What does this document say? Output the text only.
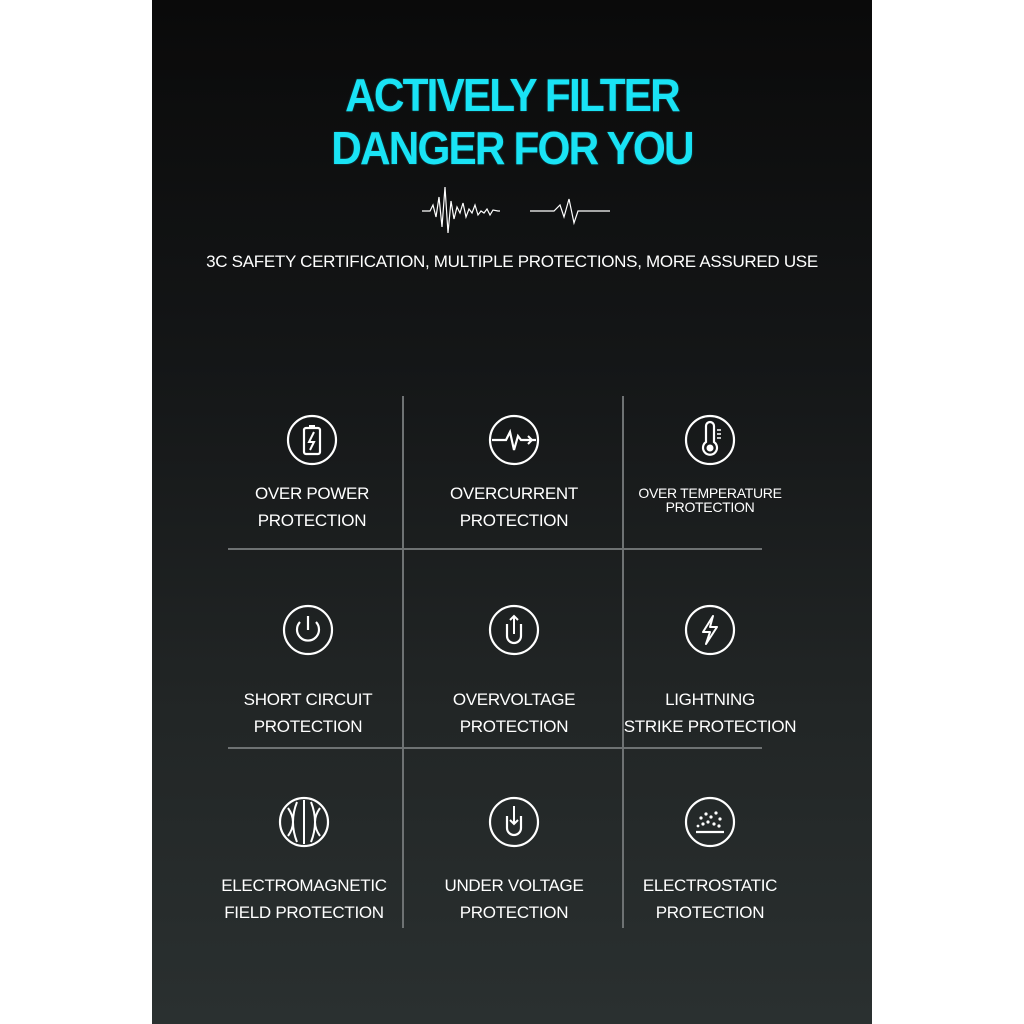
ACTIVELY FILTER
DANGER FOR YOU
3C SAFETY CERTIFICATION, MULTIPLE PROTECTIONS, MORE ASSURED USE
OVER POWER
PROTECTION
OVERCURRENT
PROTECTION
OVER TEMPERATURE
PROTECTION
SHORT CIRCUIT
PROTECTION
OVERVOLTAGE
PROTECTION
LIGHTNING
STRIKE PROTECTION
ELECTROMAGNETIC
FIELD PROTECTION
UNDER VOLTAGE
PROTECTION
ELECTROSTATIC
PROTECTION
